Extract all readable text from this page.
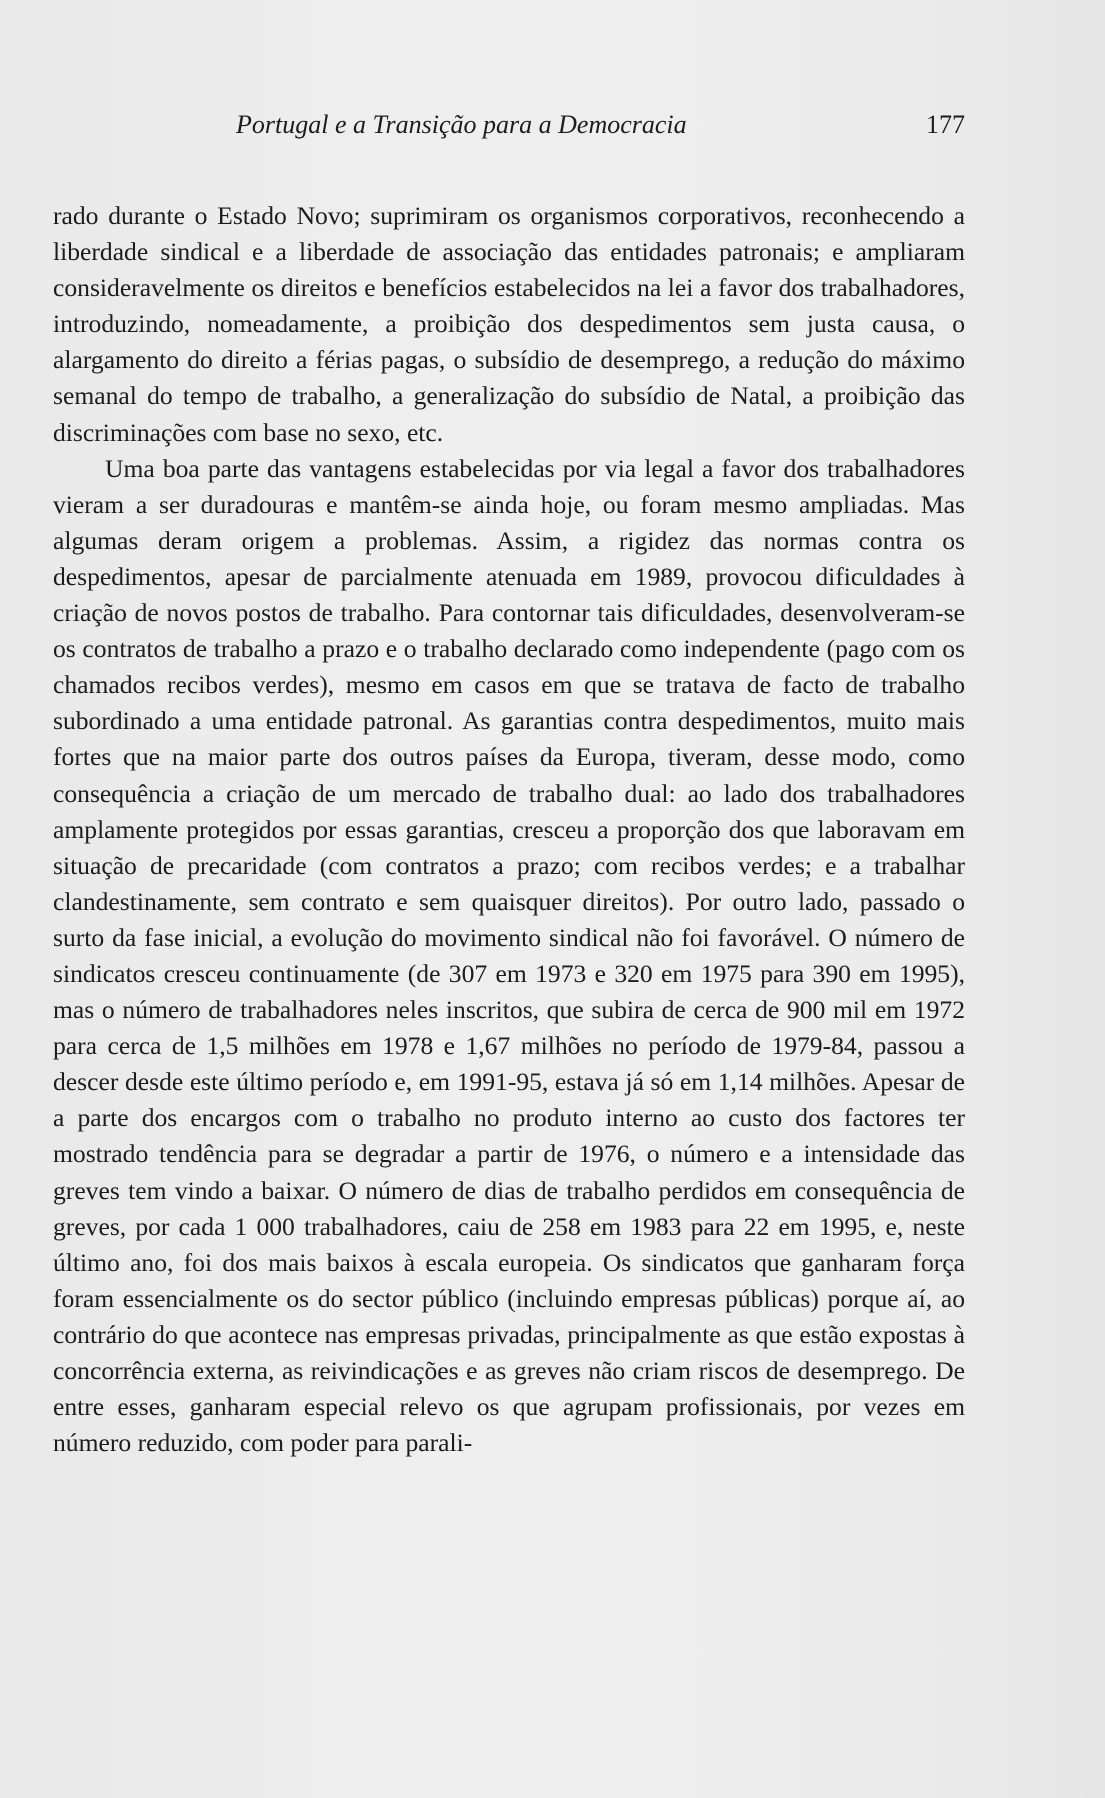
Portugal e a Transição para a Democracia	177

rado durante o Estado Novo; suprimiram os organismos corporativos, reconhecendo a liberdade sindical e a liberdade de associação das entidades patronais; e ampliaram consideravelmente os direitos e benefícios estabelecidos na lei a favor dos trabalhadores, introduzindo, nomeadamente, a proibição dos despedimentos sem justa causa, o alargamento do direito a férias pagas, o subsídio de desemprego, a redução do máximo semanal do tempo de trabalho, a generalização do subsídio de Natal, a proibição das discriminações com base no sexo, etc.

Uma boa parte das vantagens estabelecidas por via legal a favor dos trabalhadores vieram a ser duradouras e mantêm-se ainda hoje, ou foram mesmo ampliadas. Mas algumas deram origem a problemas. Assim, a rigidez das normas contra os despedimentos, apesar de parcialmente atenuada em 1989, provocou dificuldades à criação de novos postos de trabalho. Para contornar tais dificuldades, desenvolveram-se os contratos de trabalho a prazo e o trabalho declarado como independente (pago com os chamados recibos verdes), mesmo em casos em que se tratava de facto de trabalho subordinado a uma entidade patronal. As garantias contra despedimentos, muito mais fortes que na maior parte dos outros países da Europa, tiveram, desse modo, como consequência a criação de um mercado de trabalho dual: ao lado dos trabalhadores amplamente protegidos por essas garantias, cresceu a proporção dos que laboravam em situação de precaridade (com contratos a prazo; com recibos verdes; e a trabalhar clandestinamente, sem contrato e sem quaisquer direitos). Por outro lado, passado o surto da fase inicial, a evolução do movimento sindical não foi favorável. O número de sindicatos cresceu continuamente (de 307 em 1973 e 320 em 1975 para 390 em 1995), mas o número de trabalhadores neles inscritos, que subira de cerca de 900 mil em 1972 para cerca de 1,5 milhões em 1978 e 1,67 milhões no período de 1979-84, passou a descer desde este último período e, em 1991-95, estava já só em 1,14 milhões. Apesar de a parte dos encargos com o trabalho no produto interno ao custo dos factores ter mostrado tendência para se degradar a partir de 1976, o número e a intensidade das greves tem vindo a baixar. O número de dias de trabalho perdidos em consequência de greves, por cada 1 000 trabalhadores, caiu de 258 em 1983 para 22 em 1995, e, neste último ano, foi dos mais baixos à escala europeia. Os sindicatos que ganharam força foram essencialmente os do sector público (incluindo empresas públicas) porque aí, ao contrário do que acontece nas empresas privadas, principalmente as que estão expostas à concorrência externa, as reivindicações e as greves não criam riscos de desemprego. De entre esses, ganharam especial relevo os que agrupam profissionais, por vezes em número reduzido, com poder para parali-
